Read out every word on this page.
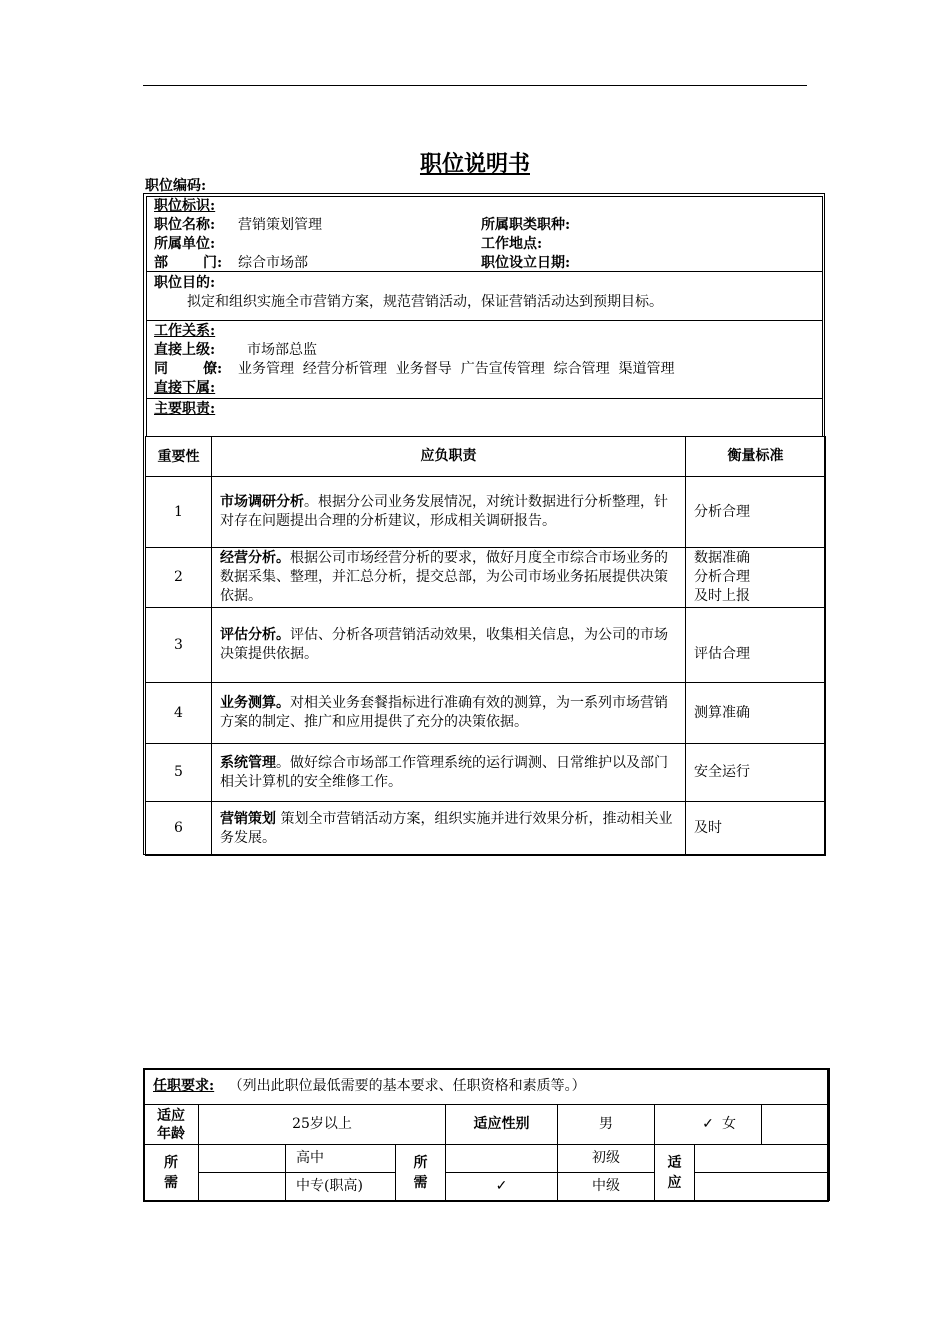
职位说明书
职位编码:
职位标识:
职位名称: 营销策划管理	所属职类职种:
所属单位:	工作地点:
部	门: 综合市场部	职位设立日期:
职位目的:
拟定和组织实施全市营销方案，规范营销活动，保证营销活动达到预期目标。
工作关系:
直接上级: 市场部总监
同	僚: 业务管理  经营分析管理  业务督导  广告宣传管理  综合管理  渠道管理
直接下属:
主要职责:
重要性	应负职责	衡量标准
1	市场调研分析。根据分公司业务发展情况，对统计数据进行分析整理，针对存在问题提出合理的分析建议，形成相关调研报告。	分析合理
2	经营分析。根据公司市场经营分析的要求，做好月度全市综合市场业务的数据采集、整理，并汇总分析，提交总部，为公司市场业务拓展提供决策依据。	数据准确
分析合理
及时上报
3	评估分析。评估、分析各项营销活动效果，收集相关信息，为公司的市场决策提供依据。	评估合理
4	业务测算。对相关业务套餐指标进行准确有效的测算，为一系列市场营销方案的制定、推广和应用提供了充分的决策依据。	测算准确
5	系统管理。做好综合市场部工作管理系统的运行调测、日常维护以及部门相关计算机的安全维修工作。	安全运行
6	营销策划 策划全市营销活动方案，组织实施并进行效果分析，推动相关业务发展。	及时
任职要求: （列出此职位最低需要的基本要求、任职资格和素质等。）								
适应年龄	25岁以上			适应性别	男	✓		女
所需		高中	所需		初级	适应		
		中专(职高)		✓	中级			
